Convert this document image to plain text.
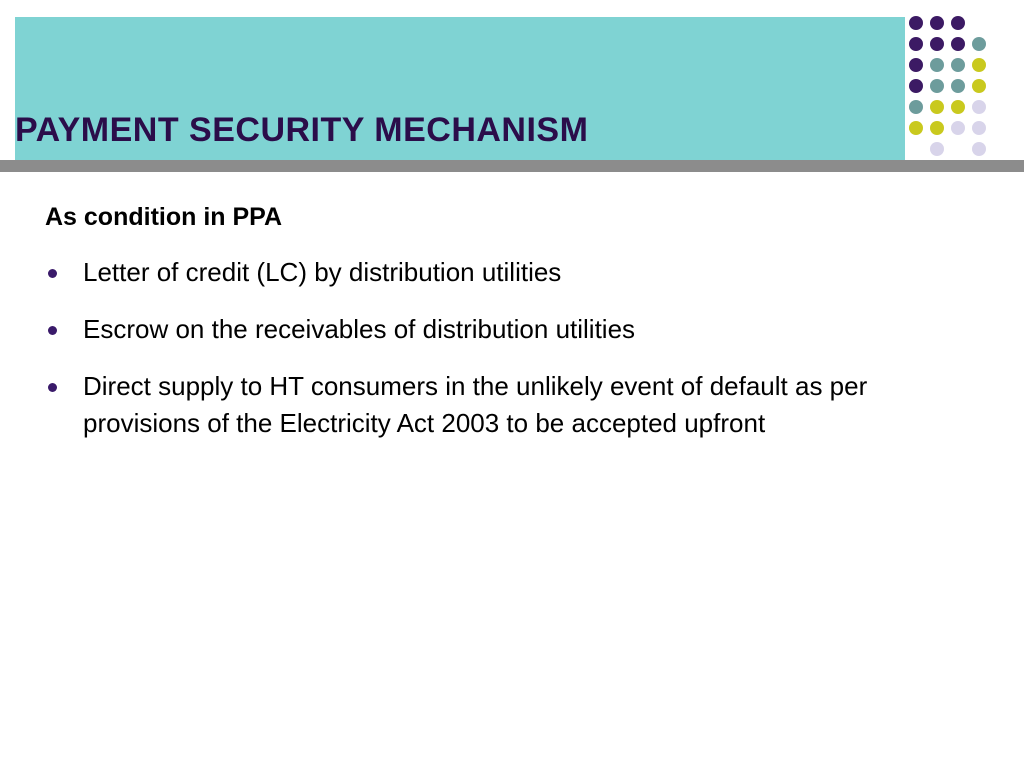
PAYMENT SECURITY MECHANISM

As condition in PPA

Letter of credit (LC) by distribution utilities
Escrow on the receivables of distribution utilities
Direct supply to HT consumers in the unlikely event of default as per provisions of the Electricity Act 2003 to be accepted upfront
